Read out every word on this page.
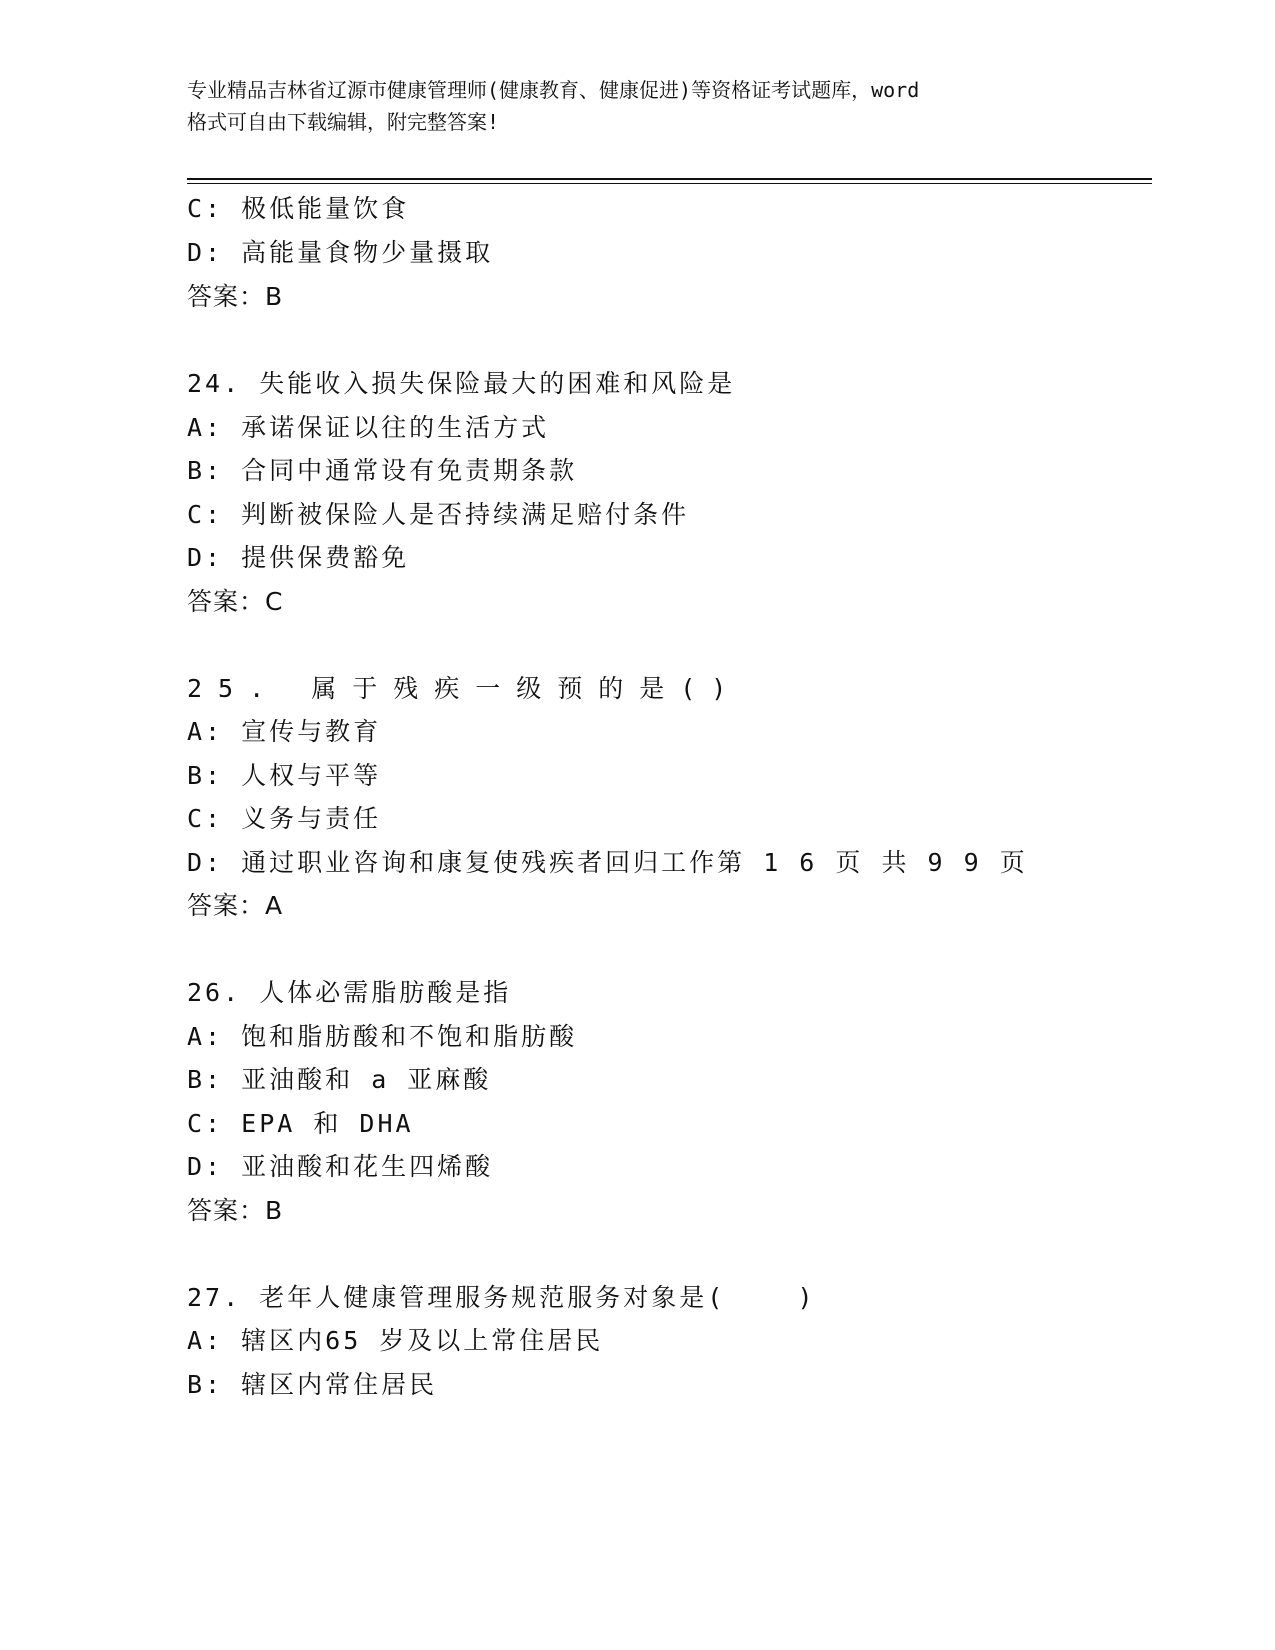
专业精品吉林省辽源市健康管理师(健康教育、健康促进)等资格证考试题库，word

格式可自由下载编辑，附完整答案!

C: 极低能量饮食
D: 高能量食物少量摄取
答案：B
24. 失能收入损失保险最大的困难和风险是
A: 承诺保证以往的生活方式
B: 合同中通常设有免责期条款
C: 判断被保险人是否持续满足赔付条件
D: 提供保费豁免
答案：C
25. 属于残疾一级预的是()
A: 宣传与教育
B: 人权与平等
C: 义务与责任
D: 通过职业咨询和康复使残疾者回归工作第 1 6 页 共 9 9 页
答案：A
26. 人体必需脂肪酸是指
A: 饱和脂肪酸和不饱和脂肪酸
B: 亚油酸和 a 亚麻酸
C: EPA 和 DHA
D: 亚油酸和花生四烯酸
答案：B
27. 老年人健康管理服务规范服务对象是(    )
A: 辖区内65 岁及以上常住居民
B: 辖区内常住居民
